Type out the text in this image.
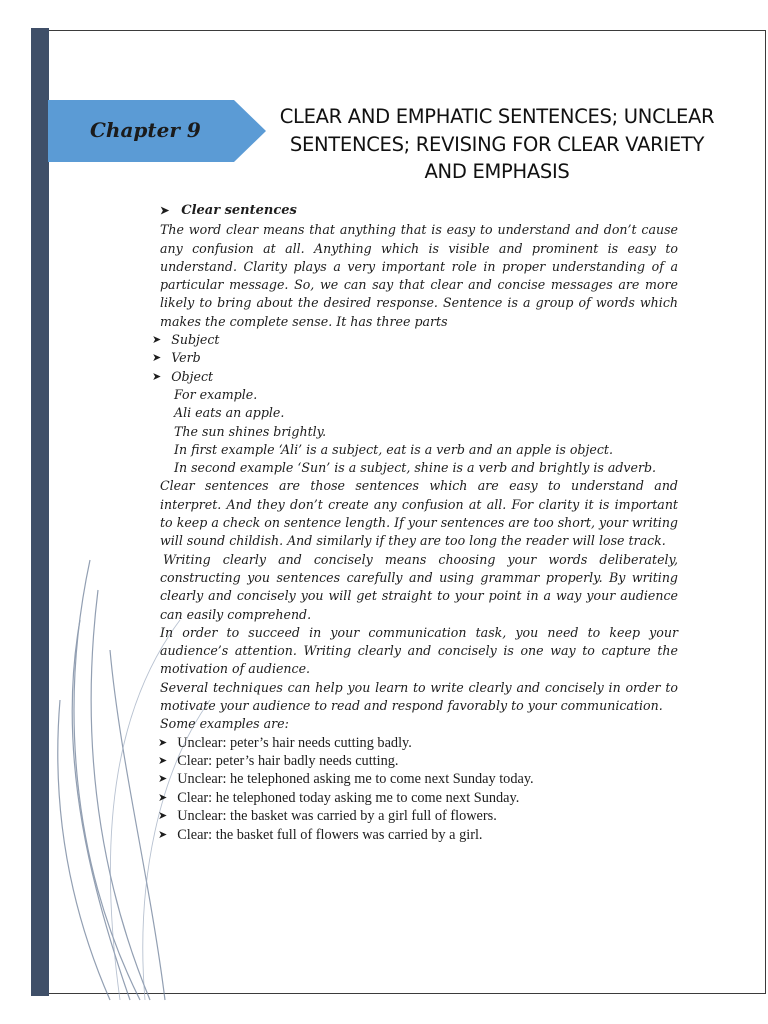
Chapter 9
CLEAR AND EMPHATIC SENTENCES; UNCLEAR
SENTENCES; REVISING FOR CLEAR VARIETY
AND EMPHASIS
➤ Clear sentences

The word clear means that anything that is easy to understand and don’t cause any confusion at all. Anything which is visible and prominent is easy to understand. Clarity plays a very important role in proper understanding of a particular message. So, we can say that clear and concise messages are more likely to bring about the desired response. Sentence is a group of words which makes the complete sense. It has three parts

➤ Subject
➤ Verb
➤ Object
For example.
Ali eats an apple.
The sun shines brightly.
In first example ‘Ali’ is a subject, eat is a verb and an apple is object.
In second example ‘Sun’ is a subject, shine is a verb and brightly is adverb.

Clear sentences are those sentences which are easy to understand and interpret. And they don’t create any confusion at all. For clarity it is important to keep a check on sentence length. If your sentences are too short, your writing will sound childish. And similarly if they are too long the reader will lose track.

Writing clearly and concisely means choosing your words deliberately, constructing you sentences carefully and using grammar properly. By writing clearly and concisely you will get straight to your point in a way your audience can easily comprehend.

In order to succeed in your communication task, you need to keep your audience’s attention. Writing clearly and concisely is one way to capture the motivation of audience.

Several techniques can help you learn to write clearly and concisely in order to motivate your audience to read and respond favorably to your communication.

Some examples are:

➤ Unclear: peter’s hair needs cutting badly.
➤ Clear: peter’s hair badly needs cutting.
➤ Unclear: he telephoned asking me to come next Sunday today.
➤ Clear: he telephoned today asking me to come next Sunday.
➤ Unclear: the basket was carried by a girl full of flowers.
➤ Clear: the basket full of flowers was carried by a girl.
